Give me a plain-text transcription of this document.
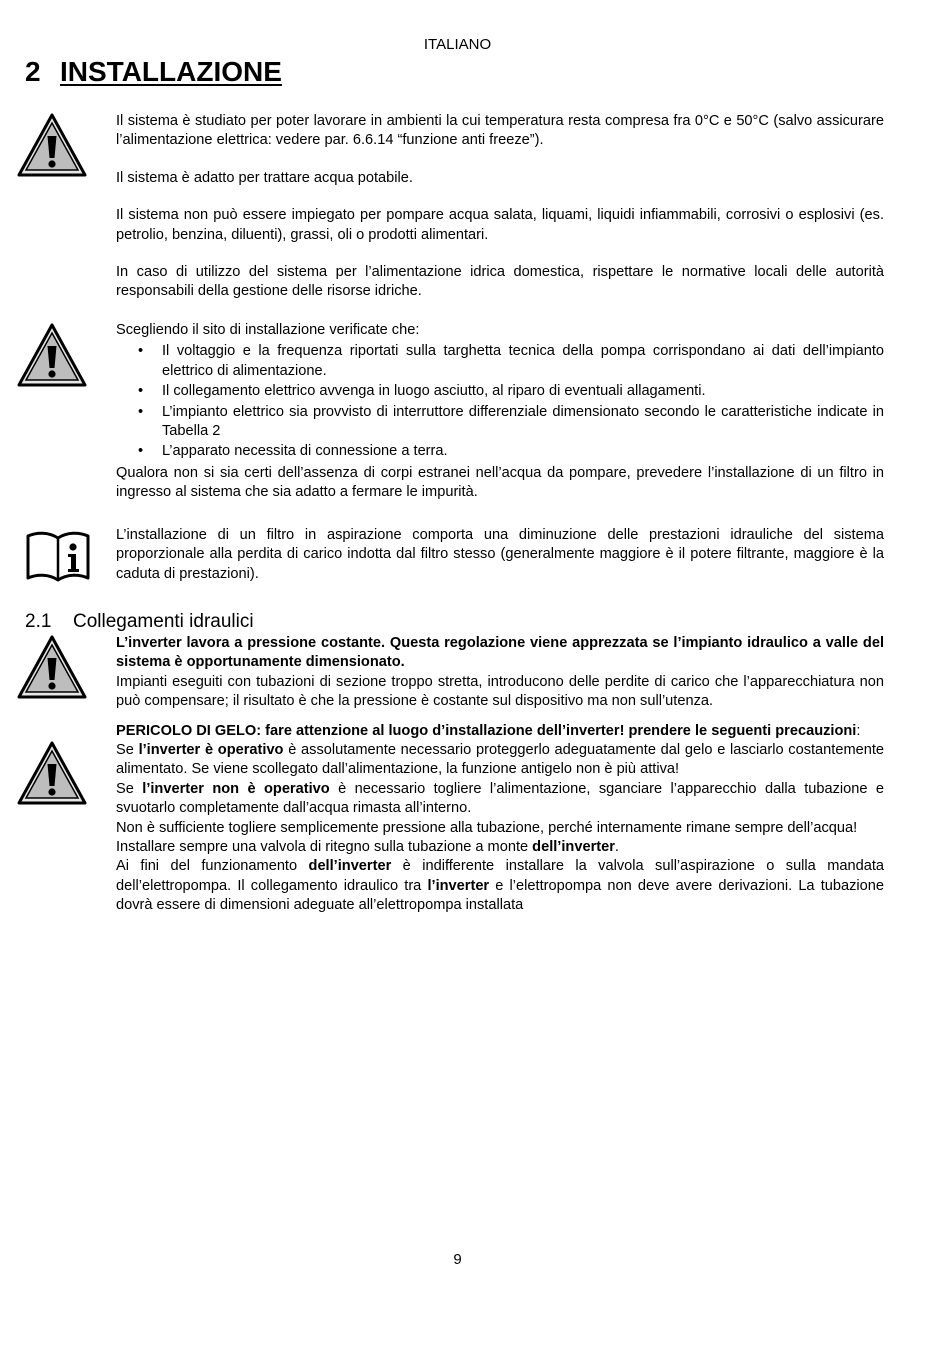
ITALIANO
2 INSTALLAZIONE

Il sistema è studiato per poter lavorare in ambienti la cui temperatura resta compresa fra 0°C e 50°C (salvo assicurare l’alimentazione elettrica: vedere par. 6.6.14 “funzione anti freeze”).

Il sistema è adatto per trattare acqua potabile.

Il sistema non può essere impiegato per pompare acqua salata, liquami, liquidi infiammabili, corrosivi o esplosivi (es. petrolio, benzina, diluenti), grassi, oli o prodotti alimentari.

In caso di utilizzo del sistema per l’alimentazione idrica domestica, rispettare le normative locali delle autorità responsabili della gestione delle risorse idriche.

Scegliendo il sito di installazione verificate che:

• Il voltaggio e la frequenza riportati sulla targhetta tecnica della pompa corrispondano ai dati dell’impianto elettrico di alimentazione.
• Il collegamento elettrico avvenga in luogo asciutto, al riparo di eventuali allagamenti.
• L’impianto elettrico sia provvisto di interruttore differenziale dimensionato secondo le caratteristiche indicate in Tabella 2
• L’apparato necessita di connessione a terra.

Qualora non si sia certi dell’assenza di corpi estranei nell’acqua da pompare, prevedere l’installazione di un filtro in ingresso al sistema che sia adatto a fermare le impurità.

L’installazione di un filtro in aspirazione comporta una diminuzione delle prestazioni idrauliche del sistema proporzionale alla perdita di carico indotta dal filtro stesso (generalmente maggiore è il potere filtrante, maggiore è la caduta di prestazioni).

2.1 Collegamenti idraulici

L’inverter lavora a pressione costante. Questa regolazione viene apprezzata se l’impianto idraulico a valle del sistema è opportunamente dimensionato.

Impianti eseguiti con tubazioni di sezione troppo stretta, introducono delle perdite di carico che l’apparecchiatura non può compensare; il risultato è che la pressione è costante sul dispositivo ma non sull’utenza.

PERICOLO DI GELO: fare attenzione al luogo d’installazione dell’inverter! prendere le seguenti precauzioni:

Se l’inverter è operativo è assolutamente necessario proteggerlo adeguatamente dal gelo e lasciarlo costantemente alimentato. Se viene scollegato dall’alimentazione, la funzione antigelo non è più attiva!

Se l’inverter non è operativo è necessario togliere l’alimentazione, sganciare l’apparecchio dalla tubazione e svuotarlo completamente dall’acqua rimasta all’interno.

Non è sufficiente togliere semplicemente pressione alla tubazione, perché internamente rimane sempre dell’acqua!

Installare sempre una valvola di ritegno sulla tubazione a monte dell’inverter.

Ai fini del funzionamento dell’inverter è indifferente installare la valvola sull’aspirazione o sulla mandata dell’elettropompa. Il collegamento idraulico tra l’inverter e l’elettropompa non deve avere derivazioni. La tubazione dovrà essere di dimensioni adeguate all’elettropompa installata

9
